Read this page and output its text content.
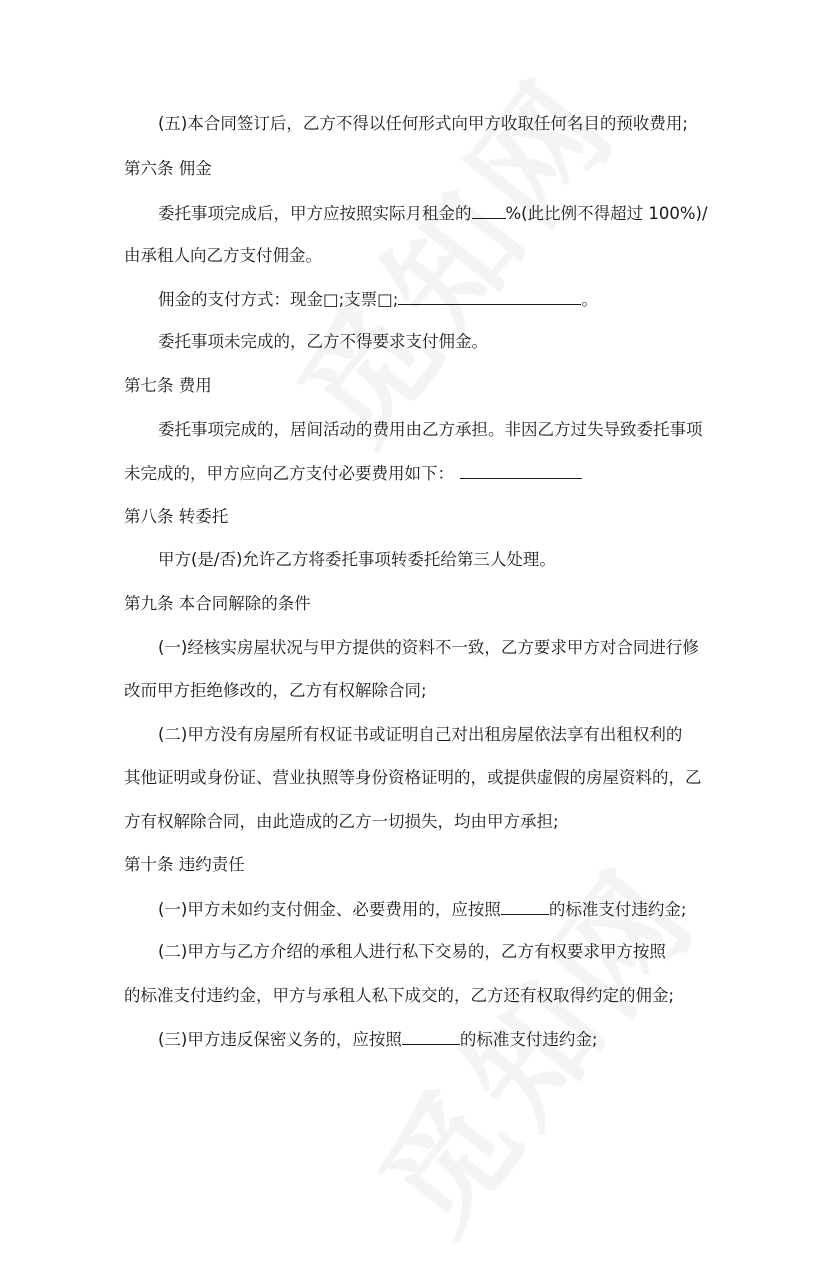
(五)本合同签订后，乙方不得以任何形式向甲方收取任何名目的预收费用;
第六条 佣金
委托事项完成后，甲方应按照实际月租金的 %(此比例不得超过 100%)/
由承租人向乙方支付佣金。
佣金的支付方式：现金□;支票□;	。
委托事项未完成的，乙方不得要求支付佣金。
第七条 费用
委托事项完成的，居间活动的费用由乙方承担。非因乙方过失导致委托事项
未完成的，甲方应向乙方支付必要费用如下：
第八条 转委托
甲方(是/否)允许乙方将委托事项转委托给第三人处理。
第九条 本合同解除的条件
(一)经核实房屋状况与甲方提供的资料不一致，乙方要求甲方对合同进行修
改而甲方拒绝修改的，乙方有权解除合同;
(二)甲方没有房屋所有权证书或证明自己对出租房屋依法享有出租权利的
其他证明或身份证、营业执照等身份资格证明的，或提供虚假的房屋资料的，乙
方有权解除合同，由此造成的乙方一切损失，均由甲方承担;
第十条 违约责任
(一)甲方未如约支付佣金、必要费用的，应按照	的标准支付违约金;
(二)甲方与乙方介绍的承租人进行私下交易的，乙方有权要求甲方按照
的标准支付违约金，甲方与承租人私下成交的，乙方还有权取得约定的佣金;
(三)甲方违反保密义务的，应按照	的标准支付违约金;
